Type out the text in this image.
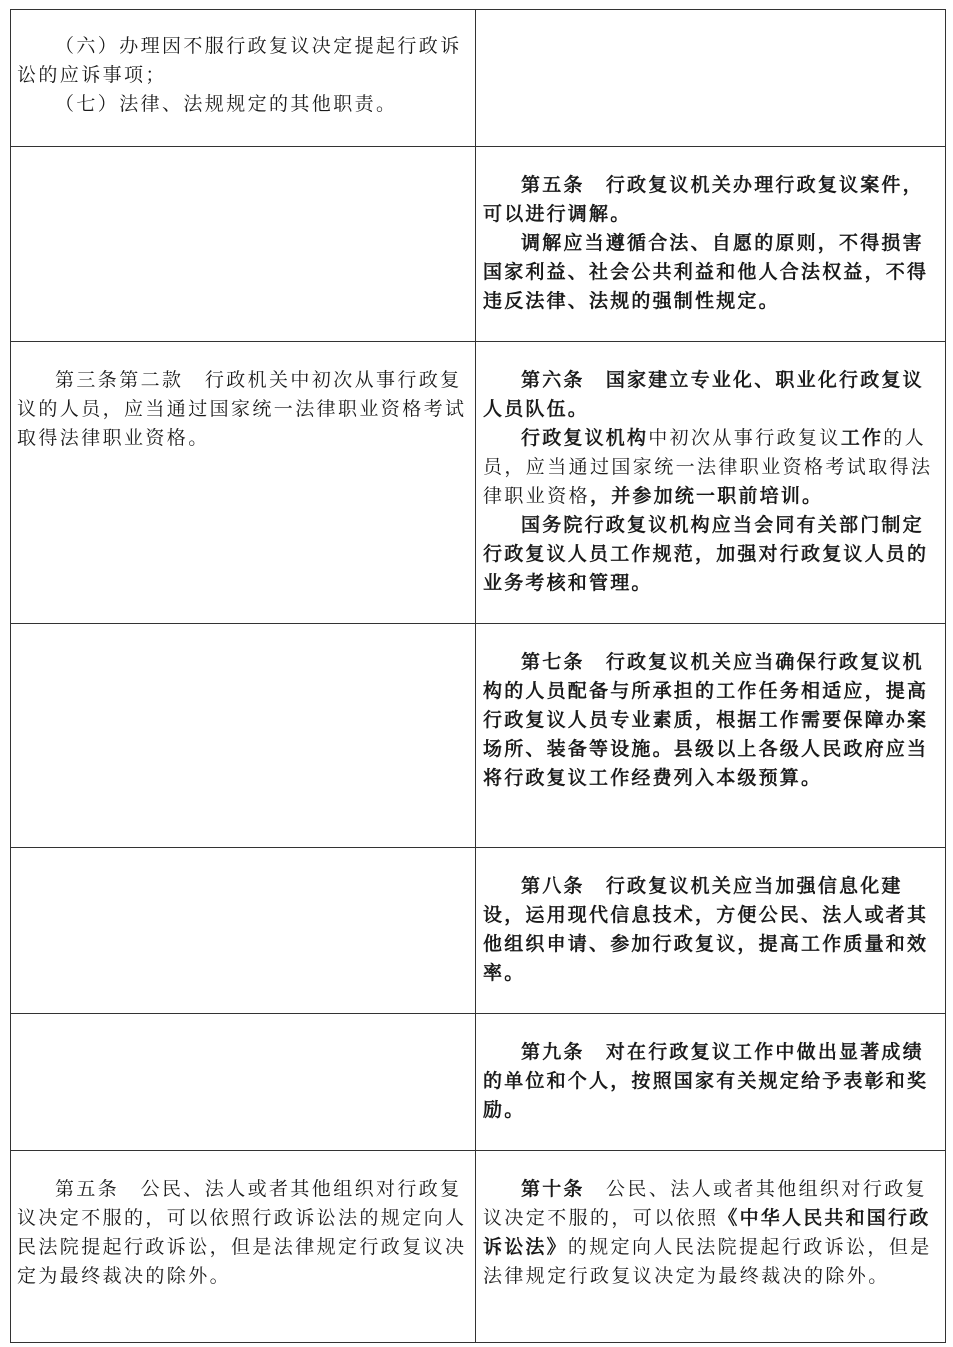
（六）办理因不服行政复议决定提起行政诉讼的应诉事项；

（七）法律、法规规定的其他职责。	

	第五条　 行政复议机关办理行政复议案件，可以进行调解。

调解应当遵循合法、自愿的原则，不得损害国家利益、社会公共利益和他人合法权益，不得违反法律、法规的强制性规定。

第三条第二款　 行政机关中初次从事行政复议的人员，应当通过国家统一法律职业资格考试取得法律职业资格。	第六条　 国家建立专业化、职业化行政复议人员队伍。

行政复议机构中初次从事行政复议工作的人员，应当通过国家统一法律职业资格考试取得法律职业资格，并参加统一职前培训。

国务院行政复议机构应当会同有关部门制定行政复议人员工作规范，加强对行政复议人员的业务考核和管理。

	第七条　 行政复议机关应当确保行政复议机构的人员配备与所承担的工作任务相适应，提高行政复议人员专业素质，根据工作需要保障办案场所、装备等设施。县级以上各级人民政府应当将行政复议工作经费列入本级预算。

	第八条　 行政复议机关应当加强信息化建设，运用现代信息技术，方便公民、法人或者其他组织申请、参加行政复议，提高工作质量和效率。

	第九条　 对在行政复议工作中做出显著成绩的单位和个人，按照国家有关规定给予表彰和奖励。

第五条　 公民、法人或者其他组织对行政复议决定不服的，可以依照行政诉讼法的规定向人民法院提起行政诉讼，但是法律规定行政复议决定为最终裁决的除外。	第十条　 公民、法人或者其他组织对行政复议决定不服的，可以依照《中华人民共和国行政诉讼法》的规定向人民法院提起行政诉讼，但是法律规定行政复议决定为最终裁决的除外。
